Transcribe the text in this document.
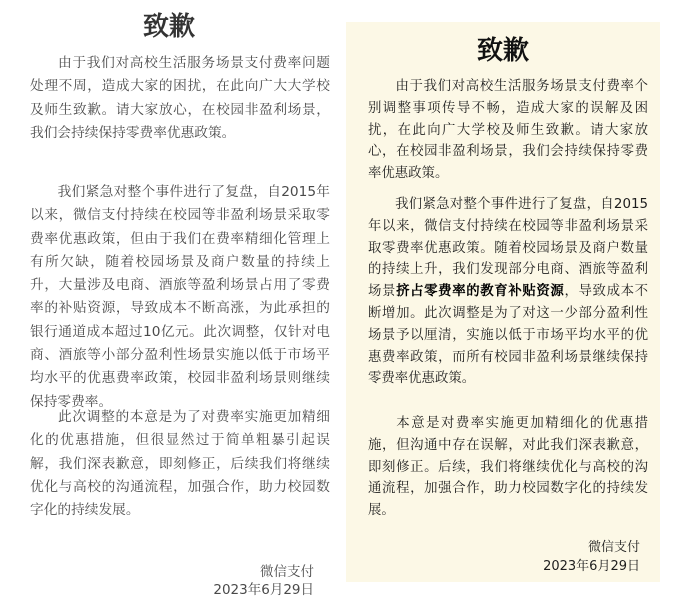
致歉

由于我们对高校生活服务场景支付费率问题处理不周，造成大家的困扰，在此向广大大学校及师生致歉。请大家放心，在校园非盈利场景，我们会持续保持零费率优惠政策。

我们紧急对整个事件进行了复盘，自2015年以来，微信支付持续在校园等非盈利场景采取零费率优惠政策，但由于我们在费率精细化管理上有所欠缺，随着校园场景及商户数量的持续上升，大量涉及电商、酒旅等盈利场景占用了零费率的补贴资源，导致成本不断高涨，为此承担的银行通道成本超过10亿元。此次调整，仅针对电商、酒旅等小部分盈利性场景实施以低于市场平均水平的优惠费率政策，校园非盈利场景则继续保持零费率。

此次调整的本意是为了对费率实施更加精细化的优惠措施，但很显然过于简单粗暴引起误解，我们深表歉意，即刻修正，后续我们将继续优化与高校的沟通流程，加强合作，助力校园数字化的持续发展。

微信支付
2023年6月29日
致歉

由于我们对高校生活服务场景支付费率个别调整事项传导不畅，造成大家的误解及困扰，在此向广大学校及师生致歉。请大家放心，在校园非盈利场景，我们会持续保持零费率优惠政策。

我们紧急对整个事件进行了复盘，自2015年以来，微信支付持续在校园等非盈利场景采取零费率优惠政策。随着校园场景及商户数量的持续上升，我们发现部分电商、酒旅等盈利场景挤占零费率的教育补贴资源，导致成本不断增加。此次调整是为了对这一少部分盈利性场景予以厘清，实施以低于市场平均水平的优惠费率政策，而所有校园非盈利场景继续保持零费率优惠政策。

本意是对费率实施更加精细化的优惠措施，但沟通中存在误解，对此我们深表歉意，即刻修正。后续，我们将继续优化与高校的沟通流程，加强合作，助力校园数字化的持续发展。

微信支付
2023年6月29日
